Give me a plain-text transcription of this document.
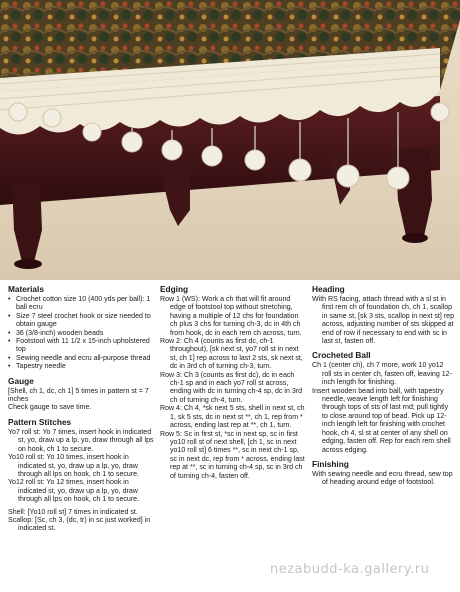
Materials
• Crochet cotton size 10 (400 yds per ball): 1 ball ecru
• Size 7 steel crochet hook or size needed to obtain gauge
• 36 (3/8-inch) wooden beads
• Footstool with 11 1/2 x 15-inch upholstered top
• Sewing needle and ecru all-purpose thread
• Tapestry needle
Gauge

[Shell, ch 1, dc, ch 1] 5 times in pattern st = 7 inches

Check gauge to save time.

Pattern Stitches

Yo7 roll st: Yo 7 times, insert hook in indicated st, yo, draw up a lp, yo, draw through all lps on hook, ch 1 to secure.

Yo10 roll st: Yo 10 times, insert hook in indicated st, yo, draw up a lp, yo, draw through all lps on hook, ch 1 to secure.

Yo12 roll st: Yo 12 times, insert hook in indicated st, yo, draw up a lp, yo, draw through all lps on hook, ch 1 to secure.

Shell: [Yo10 roll st] 7 times in indicated st.

Scallop: [Sc, ch 3, (dc, tr) in sc just worked] in indicated st.

Edging

Row 1 (WS): Work a ch that will fit around edge of footstool top without stretching, having a multiple of 12 chs for foundation ch plus 3 chs for turning ch-3, dc in 4th ch from hook, dc in each rem ch across, turn.

Row 2: Ch 4 (counts as first dc, ch-1 throughout), [sk next st, yo7 roll st in next st, ch 1] rep across to last 2 sts, sk next st, dc in 3rd ch of turning ch-3, turn.

Row 3: Ch 3 (counts as first dc), dc in each ch-1 sp and in each yo7 roll st across, ending with dc in turning ch-4 sp, dc in 3rd ch of turning ch-4, turn.

Row 4: Ch 4, *sk next 5 sts, shell in next st, ch 1, sk 5 sts, dc in next st **, ch 1, rep from * across, ending last rep at **, ch 1, turn.

Row 5: Sc in first st, *sc in next sp, sc in first yo10 roll st of next shell, [ch 1, sc in next yo10 roll st] 6 times **, sc in next ch-1 sp, sc in next dc, rep from * across, ending last rep at **, sc in turning ch-4 sp, sc in 3rd ch of turning ch-4, fasten off.

Heading

With RS facing, attach thread with a sl st in first rem ch of foundation ch, ch 1, scallop in same st, [sk 3 sts, scallop in next st] rep across, adjusting number of sts skipped at end of row if necessary to end with sc in last st, fasten off.

Crocheted Ball

Ch 1 (center ch), ch 7 more, work 10 yo12 roll sts in center ch, fasten off, leaving 12-inch length for finishing.

Insert wooden bead into ball, with tapestry needle, weave length left for finishing through tops of sts of last rnd; pull tightly to close around top of bead. Pick up 12-inch length left for finishing with crochet hook, ch 4, sl st at center of any shell on edging, fasten off. Rep for each rem shell across edging.

Finishing

With sewing needle and ecru thread, sew top of heading around edge of footstool.

nezabudd-ka.gallery.ru
